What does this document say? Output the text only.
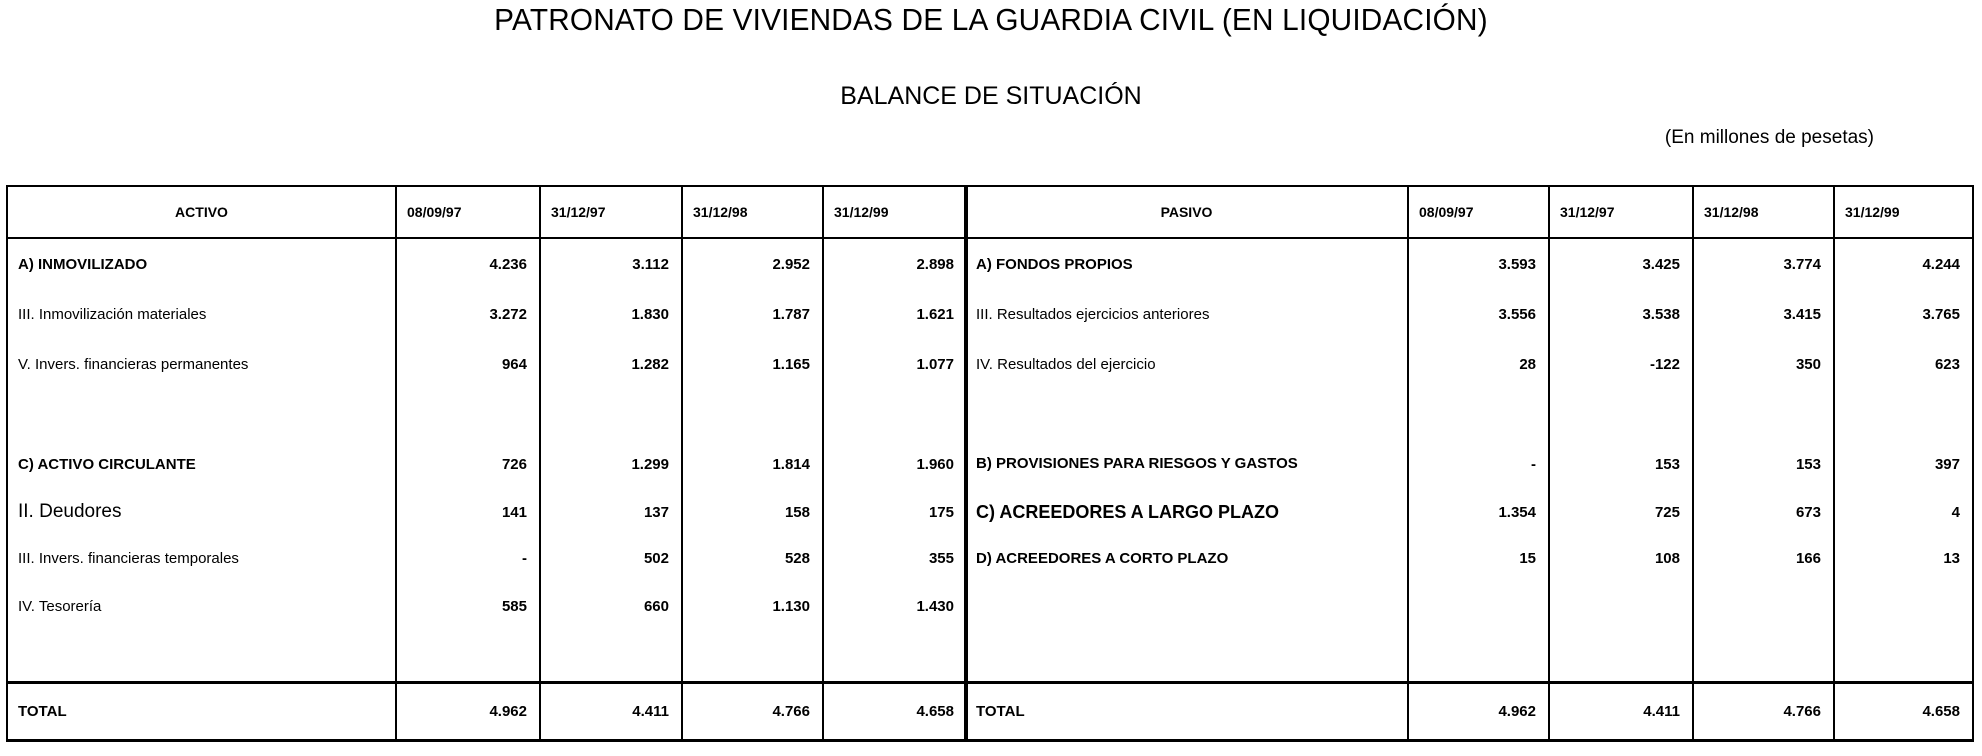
PATRONATO DE VIVIENDAS DE LA GUARDIA CIVIL (EN LIQUIDACIÓN)
BALANCE DE SITUACIÓN
(En millones de pesetas)
ACTIVO	08/09/97	31/12/97	31/12/98	31/12/99
A) INMOVILIZADO	4.236	3.112	2.952	2.898
III. Inmovilización materiales	3.272	1.830	1.787	1.621
V. Invers. financieras permanentes	964	1.282	1.165	1.077

C) ACTIVO CIRCULANTE	726	1.299	1.814	1.960
II. Deudores	141	137	158	175
III. Invers. financieras temporales	-	502	528	355
IV. Tesorería	585	660	1.130	1.430

TOTAL	4.962	4.411	4.766	4.658
PASIVO	08/09/97	31/12/97	31/12/98	31/12/99
A) FONDOS PROPIOS	3.593	3.425	3.774	4.244
III. Resultados ejercicios anteriores	3.556	3.538	3.415	3.765
IV. Resultados del ejercicio	28	-122	350	623

B) PROVISIONES PARA RIESGOS Y GASTOS	-	153	153	397
C) ACREEDORES A LARGO PLAZO	1.354	725	673	4
D) ACREEDORES A CORTO PLAZO	15	108	166	13

TOTAL	4.962	4.411	4.766	4.658
